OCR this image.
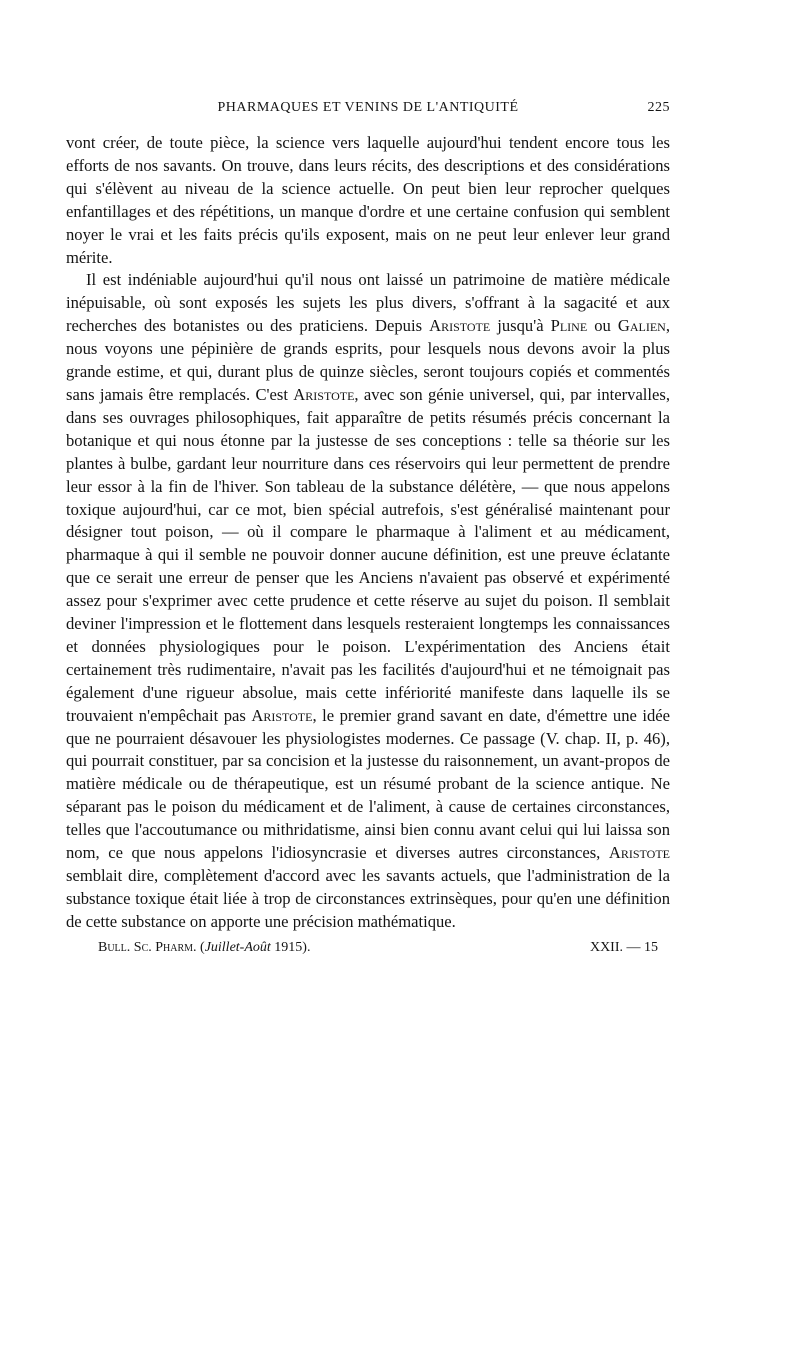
PHARMAQUES ET VENINS DE L'ANTIQUITÉ	225

vont créer, de toute pièce, la science vers laquelle aujourd'hui tendent encore tous les efforts de nos savants. On trouve, dans leurs récits, des descriptions et des considérations qui s'élèvent au niveau de la science actuelle. On peut bien leur reprocher quelques enfantillages et des répétitions, un manque d'ordre et une certaine confusion qui semblent noyer le vrai et les faits précis qu'ils exposent, mais on ne peut leur enlever leur grand mérite.

Il est indéniable aujourd'hui qu'il nous ont laissé un patrimoine de matière médicale inépuisable, où sont exposés les sujets les plus divers, s'offrant à la sagacité et aux recherches des botanistes ou des praticiens. Depuis Aristote jusqu'à Pline ou Galien, nous voyons une pépinière de grands esprits, pour lesquels nous devons avoir la plus grande estime, et qui, durant plus de quinze siècles, seront toujours copiés et commentés sans jamais être remplacés. C'est Aristote, avec son génie universel, qui, par intervalles, dans ses ouvrages philosophiques, fait apparaître de petits résumés précis concernant la botanique et qui nous étonne par la justesse de ses conceptions : telle sa théorie sur les plantes à bulbe, gardant leur nourriture dans ces réservoirs qui leur permettent de prendre leur essor à la fin de l'hiver. Son tableau de la substance délétère, — que nous appelons toxique aujourd'hui, car ce mot, bien spécial autrefois, s'est généralisé maintenant pour désigner tout poison, — où il compare le pharmaque à l'aliment et au médicament, pharmaque à qui il semble ne pouvoir donner aucune définition, est une preuve éclatante que ce serait une erreur de penser que les Anciens n'avaient pas observé et expérimenté assez pour s'exprimer avec cette prudence et cette réserve au sujet du poison. Il semblait deviner l'impression et le flottement dans lesquels resteraient longtemps les connaissances et données physiologiques pour le poison. L'expérimentation des Anciens était certainement très rudimentaire, n'avait pas les facilités d'aujourd'hui et ne témoignait pas également d'une rigueur absolue, mais cette infériorité manifeste dans laquelle ils se trouvaient n'empêchait pas Aristote, le premier grand savant en date, d'émettre une idée que ne pourraient désavouer les physiologistes modernes. Ce passage (V. chap. II, p. 46), qui pourrait constituer, par sa concision et la justesse du raisonnement, un avant-propos de matière médicale ou de thérapeutique, est un résumé probant de la science antique. Ne séparant pas le poison du médicament et de l'aliment, à cause de certaines circonstances, telles que l'accoutumance ou mithridatisme, ainsi bien connu avant celui qui lui laissa son nom, ce que nous appelons l'idiosyncrasie et diverses autres circonstances, Aristote semblait dire, complètement d'accord avec les savants actuels, que l'administration de la substance toxique était liée à trop de circonstances extrinsèques, pour qu'en une définition de cette substance on apporte une précision mathématique.

Bull. Sc. Pharm. (Juillet-Août 1915).	XXII. — 15
